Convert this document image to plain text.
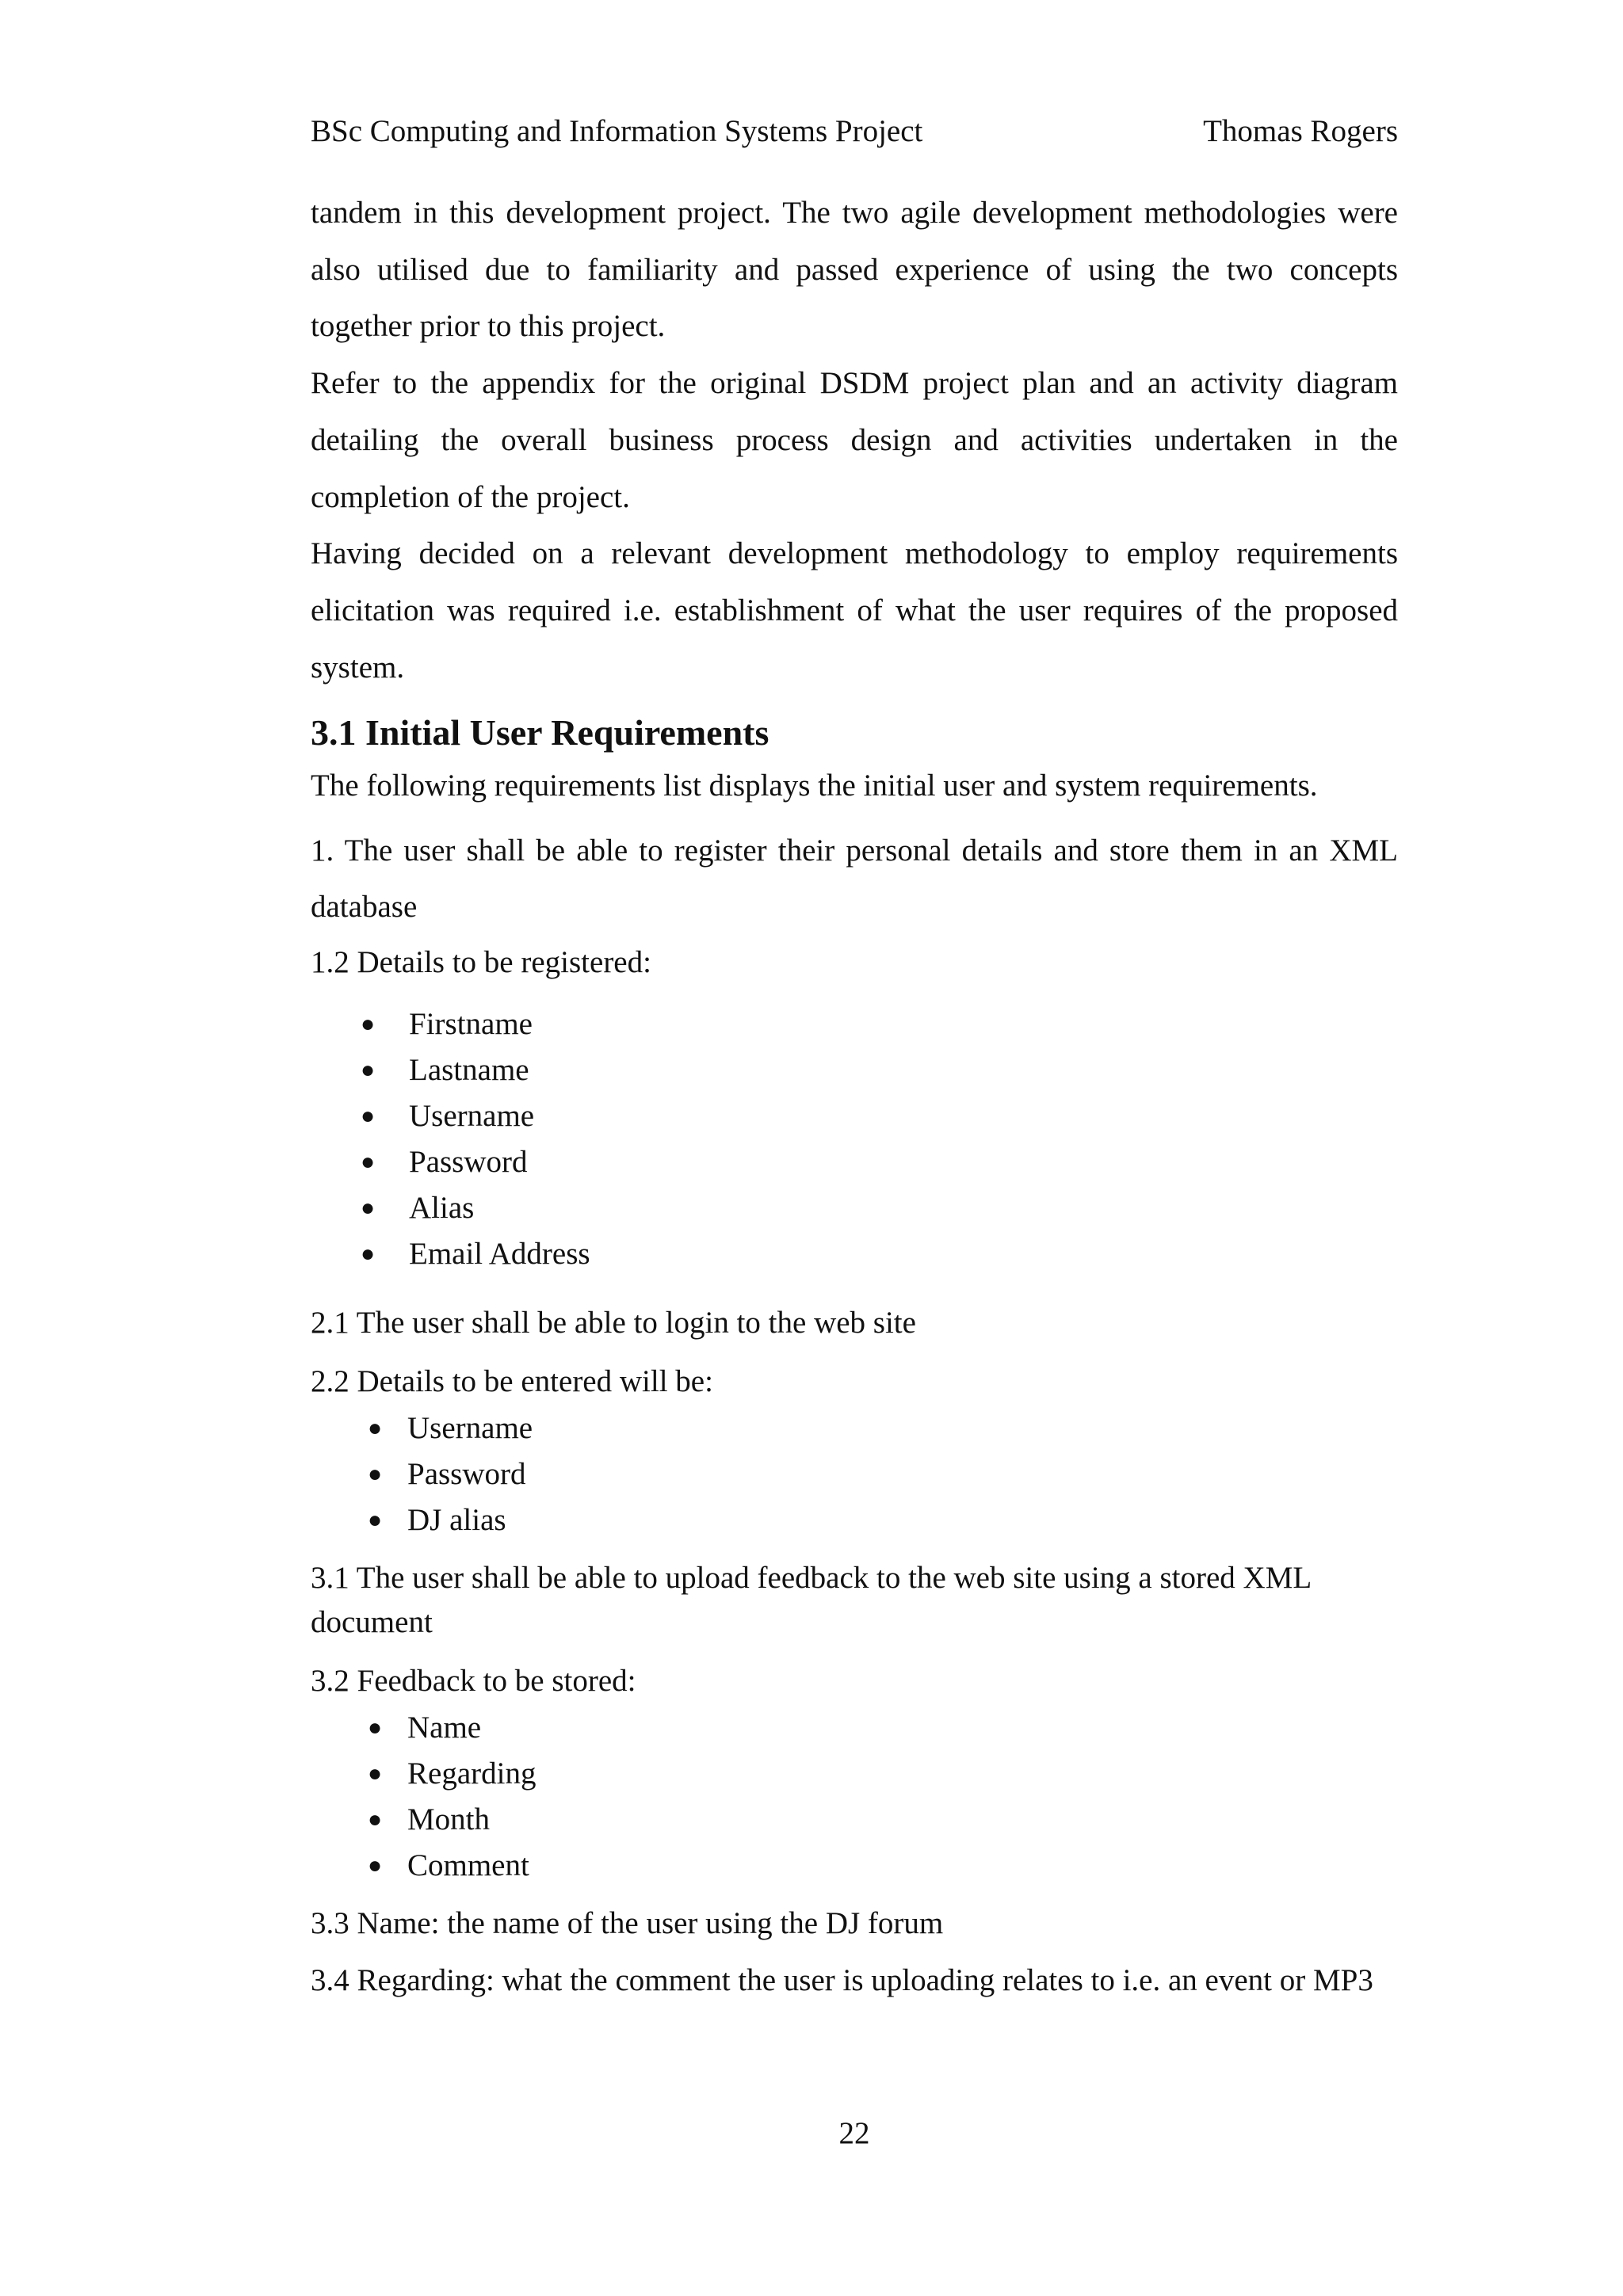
BSc Computing and Information Systems Project	Thomas Rogers

tandem in this development project. The two agile development methodologies were also utilised due to familiarity and passed experience of using the two concepts together prior to this project.

Refer to the appendix for the original DSDM project plan and an activity diagram detailing the overall business process design and activities undertaken in the completion of the project.

Having decided on a relevant development methodology to employ requirements elicitation was required i.e. establishment of what the user requires of the proposed system.

3.1 Initial User Requirements

The following requirements list displays the initial user and system requirements.

1. The user shall be able to register their personal details and store them in an XML database

1.2 Details to be registered:

● Firstname
● Lastname
● Username
● Password
● Alias
● Email Address

2.1 The user shall be able to login to the web site

2.2 Details to be entered will be:

● Username
● Password
● DJ alias

3.1 The user shall be able to upload feedback to the web site using a stored XML document

3.2 Feedback to be stored:

● Name
● Regarding
● Month
● Comment

3.3 Name: the name of the user using the DJ forum

3.4 Regarding: what the comment the user is uploading relates to i.e. an event or MP3

22
